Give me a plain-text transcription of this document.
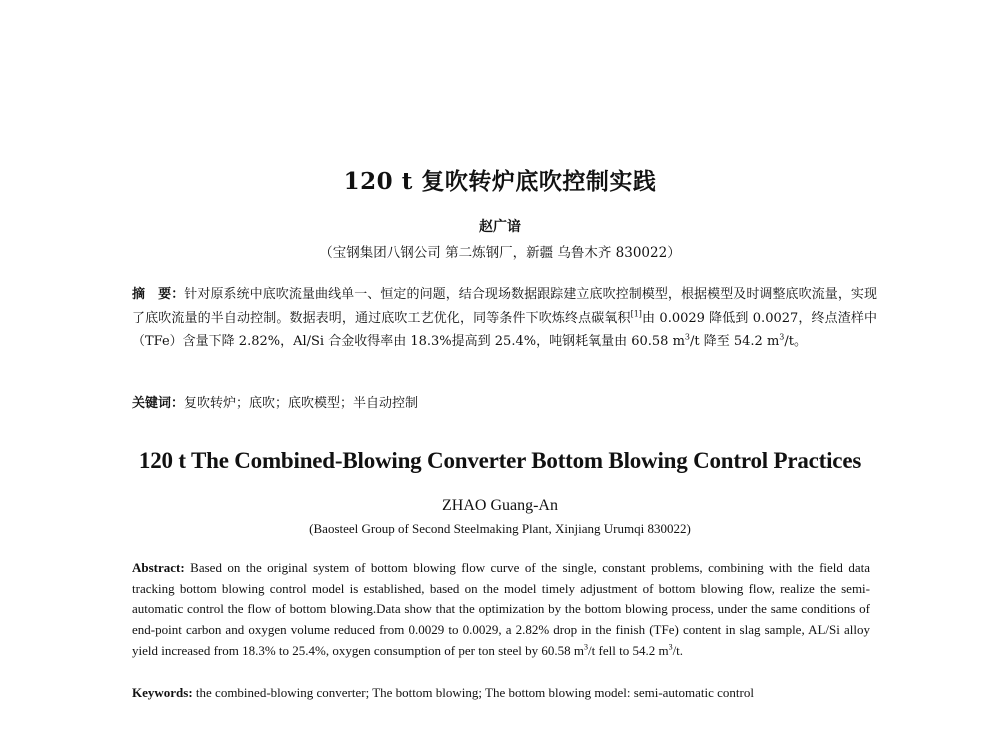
120 t 复吹转炉底吹控制实践
赵广谙
（宝钢集团八钢公司 第二炼钢厂，新疆 乌鲁木齐 830022）
摘　要：针对原系统中底吹流量曲线单一、恒定的问题，结合现场数据跟踪建立底吹控制模型，根据模型及时调整底吹流量，实现了底吹流量的半自动控制。数据表明，通过底吹工艺优化，同等条件下吹炼终点碳氧积[1]由 0.0029 降低到 0.0027，终点渣样中（TFe）含量下降 2.82%，Al/Si 合金收得率由 18.3%提高到 25.4%，吨钢耗氧量由 60.58 $m^3/t$ 降至 54.2 $m^3/t$。
关键词：复吹转炉；底吹；底吹模型；半自动控制
120 t The Combined-Blowing Converter Bottom Blowing Control Practices
ZHAO Guang-An
(Baosteel Group of Second Steelmaking Plant, Xinjiang Urumqi 830022)
Abstract: Based on the original system of bottom blowing flow curve of the single, constant problems, combining with the field data tracking bottom blowing control model is established, based on the model timely adjustment of bottom blowing flow, realize the semi-automatic control the flow of bottom blowing.Data show that the optimization by the bottom blowing process, under the same conditions of end-point carbon and oxygen volume reduced from 0.0029 to 0.0029, a 2.82% drop in the finish (TFe) content in slag sample, AL/Si alloy yield increased from 18.3% to 25.4%, oxygen consumption of per ton steel by 60.58 $m^3/t$ fell to 54.2 $m^3/t$.
Keywords: the combined-blowing converter; The bottom blowing; The bottom blowing model: semi-automatic control
